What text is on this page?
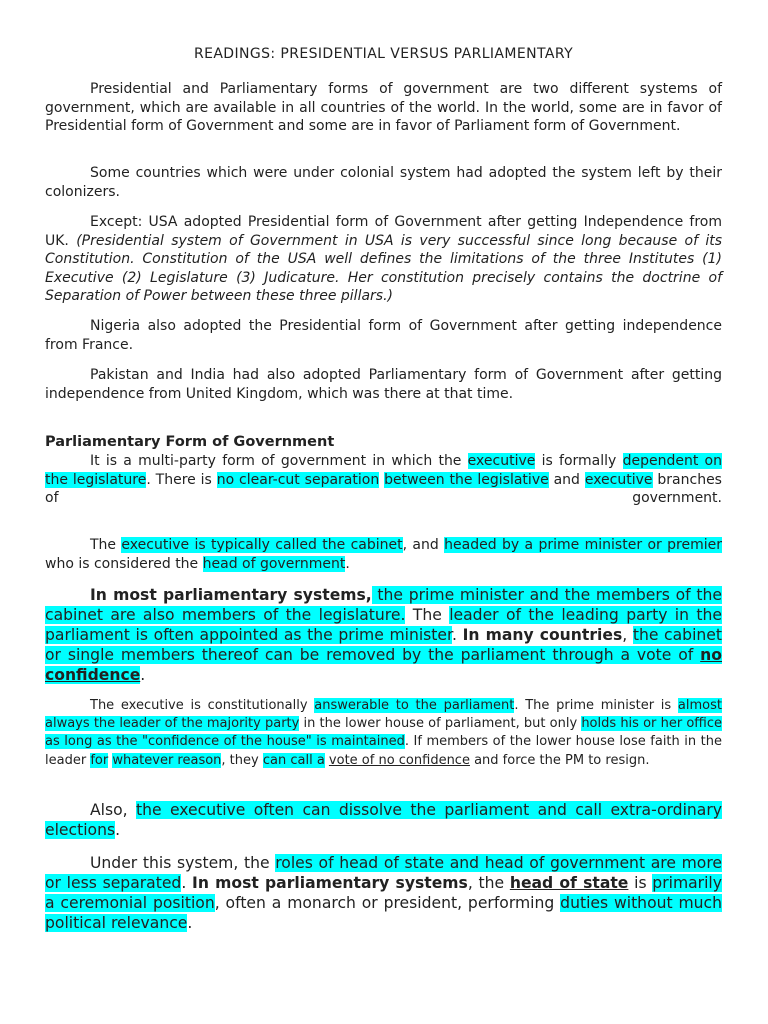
READINGS: PRESIDENTIAL VERSUS PARLIAMENTARY

Presidential and Parliamentary forms of government are two different systems of government, which are available in all countries of the world. In the world, some are in favor of Presidential form of Government and some are in favor of Parliament form of Government.

Some countries which were under colonial system had adopted the system left by their colonizers.

Except: USA adopted Presidential form of Government after getting Independence from UK. (Presidential system of Government in USA is very successful since long because of its Constitution. Constitution of the USA well defines the limitations of the three Institutes (1) Executive (2) Legislature (3) Judicature. Her constitution precisely contains the doctrine of Separation of Power between these three pillars.)

Nigeria also adopted the Presidential form of Government after getting independence from France.

Pakistan and India had also adopted Parliamentary form of Government after getting independence from United Kingdom, which was there at that time.

Parliamentary Form of Government

It is a multi-party form of government in which the executive is formally dependent on the legislature. There is no clear-cut separation between the legislative and executive branches of government.

The executive is typically called the cabinet, and headed by a prime minister or premier who is considered the head of government.

In most parliamentary systems, the prime minister and the members of the cabinet are also members of the legislature. The leader of the leading party in the parliament is often appointed as the prime minister. In many countries, the cabinet or single members thereof can be removed by the parliament through a vote of no confidence.

The executive is constitutionally answerable to the parliament. The prime minister is almost always the leader of the majority party in the lower house of parliament, but only holds his or her office as long as the "confidence of the house" is maintained. If members of the lower house lose faith in the leader for whatever reason, they can call a vote of no confidence and force the PM to resign.

Also, the executive often can dissolve the parliament and call extra-ordinary elections.

Under this system, the roles of head of state and head of government are more or less separated. In most parliamentary systems, the head of state is primarily a ceremonial position, often a monarch or president, performing duties without much political relevance.
